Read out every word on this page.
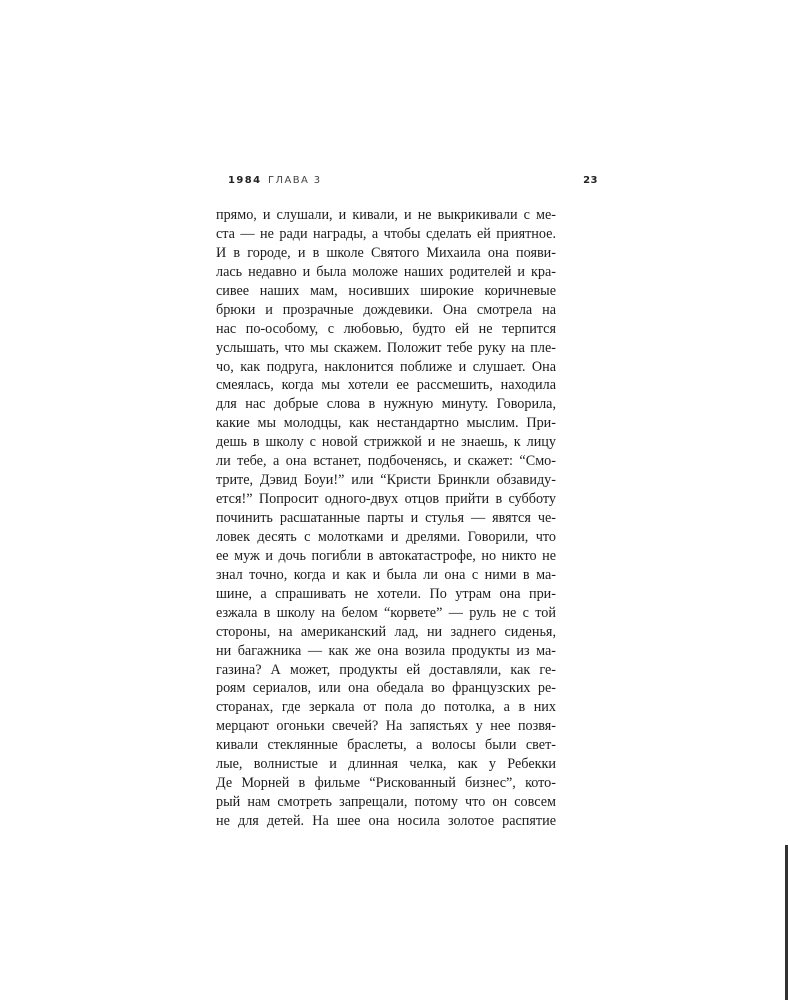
1984 ГЛАВА 3	23
прямо, и слушали, и кивали, и не выкрикивали с ме-
ста — не ради награды, а чтобы сделать ей приятное.
И в городе, и в школе Святого Михаила она появи-
лась недавно и была моложе наших родителей и кра-
сивее наших мам, носивших широкие коричневые
брюки и прозрачные дождевики. Она смотрела на
нас по-особому, с любовью, будто ей не терпится
услышать, что мы скажем. Положит тебе руку на пле-
чо, как подруга, наклонится поближе и слушает. Она
смеялась, когда мы хотели ее рассмешить, находила
для нас добрые слова в нужную минуту. Говорила,
какие мы молодцы, как нестандартно мыслим. При-
дешь в школу с новой стрижкой и не знаешь, к лицу
ли тебе, а она встанет, подбоченясь, и скажет: “Смо-
трите, Дэвид Боуи!” или “Кристи Бринкли обзавиду-
ется!” Попросит одного-двух отцов прийти в субботу
починить расшатанные парты и стулья — явятся че-
ловек десять с молотками и дрелями. Говорили, что
ее муж и дочь погибли в автокатастрофе, но никто не
знал точно, когда и как и была ли она с ними в ма-
шине, а спрашивать не хотели. По утрам она при-
езжала в школу на белом “корвете” — руль не с той
стороны, на американский лад, ни заднего сиденья,
ни багажника — как же она возила продукты из ма-
газина? А может, продукты ей доставляли, как ге-
роям сериалов, или она обедала во французских ре-
сторанах, где зеркала от пола до потолка, а в них
мерцают огоньки свечей? На запястьях у нее позвя-
кивали стеклянные браслеты, а волосы были свет-
лые, волнистые и длинная челка, как у Ребекки
Де Морней в фильме “Рискованный бизнес”, кото-
рый нам смотреть запрещали, потому что он совсем
не для детей. На шее она носила золотое распятие
